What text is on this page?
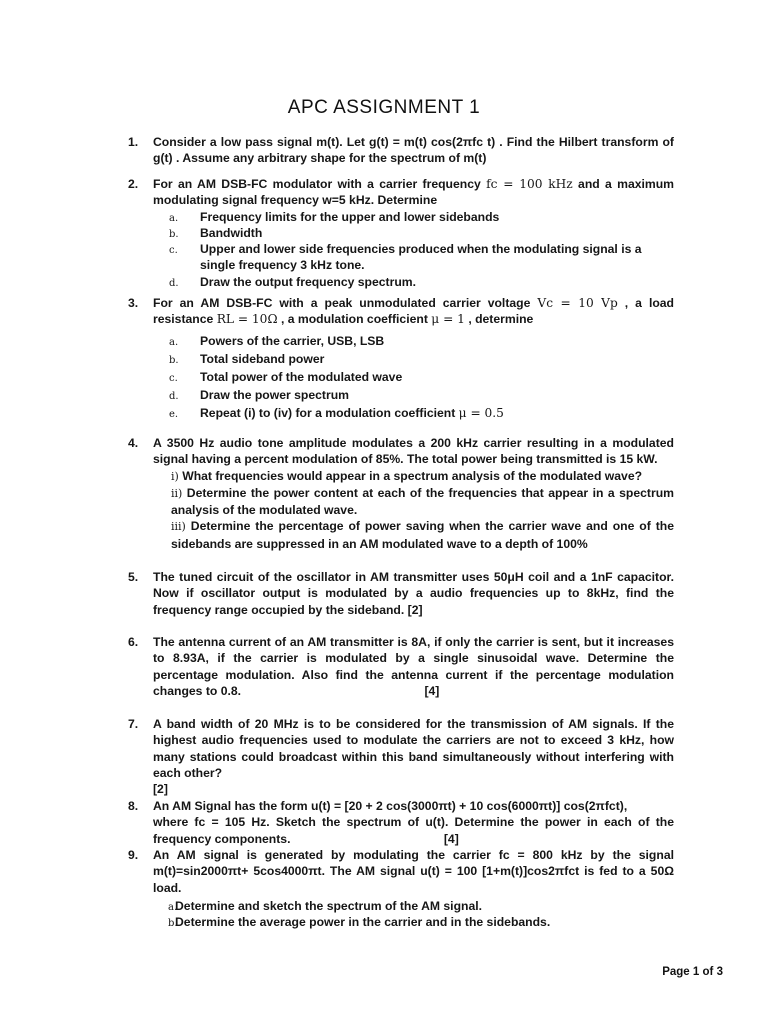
APC ASSIGNMENT 1
1.	Consider a low pass signal m(t). Let g(t) = m(t) cos(2πfc t) . Find the Hilbert transform of g(t) . Assume any arbitrary shape for the spectrum of m(t)
2.	For an AM DSB-FC modulator with a carrier frequency fc = 100 kHz and a maximum modulating signal frequency w=5 kHz. Determine
a. Frequency limits for the upper and lower sidebands
b. Bandwidth
c. Upper and lower side frequencies produced when the modulating signal is a single frequency 3 kHz tone.
d. Draw the output frequency spectrum.
3.	For an AM DSB-FC with a peak unmodulated carrier voltage Vc = 10 Vp , a load resistance RL = 10Ω , a modulation coefficient μ = 1 , determine
a. Powers of the carrier, USB, LSB
b. Total sideband power
c. Total power of the modulated wave
d. Draw the power spectrum
e. Repeat (i) to (iv) for a modulation coefficient μ = 0.5
4.	A 3500 Hz audio tone amplitude modulates a 200 kHz carrier resulting in a modulated signal having a percent modulation of 85%. The total power being transmitted is 15 kW.
i) What frequencies would appear in a spectrum analysis of the modulated wave?
ii) Determine the power content at each of the frequencies that appear in a spectrum analysis of the modulated wave.
iii) Determine the percentage of power saving when the carrier wave and one of the sidebands are suppressed in an AM modulated wave to a depth of 100%
5.	The tuned circuit of the oscillator in AM transmitter uses 50μH coil and a 1nF capacitor. Now if oscillator output is modulated by a audio frequencies up to 8kHz, find the frequency range occupied by the sideband. [2]
6.	The antenna current of an AM transmitter is 8A, if only the carrier is sent, but it increases to 8.93A, if the carrier is modulated by a single sinusoidal wave. Determine the percentage modulation. Also find the antenna current if the percentage modulation changes to 0.8.	[4]
7.	A band width of 20 MHz is to be considered for the transmission of AM signals. If the highest audio frequencies used to modulate the carriers are not to exceed 3 kHz, how many stations could broadcast within this band simultaneously without interfering with each other?
[2]
8.	An AM Signal has the form u(t) = [20 + 2 cos(3000πt) + 10 cos(6000πt)] cos(2πfct),
where fc = 105 Hz. Sketch the spectrum of u(t). Determine the power in each of the frequency components.	[4]
9.	An AM signal is generated by modulating the carrier fc = 800 kHz by the signal m(t)=sin2000πt+ 5cos4000πt. The AM signal u(t) = 100 [1+m(t)]cos2πfct is fed to a 50Ω load.
a.
Determine and sketch the spectrum of the AM signal.
b.
Determine the average power in the carrier and in the sidebands.
Page 1 of 3
